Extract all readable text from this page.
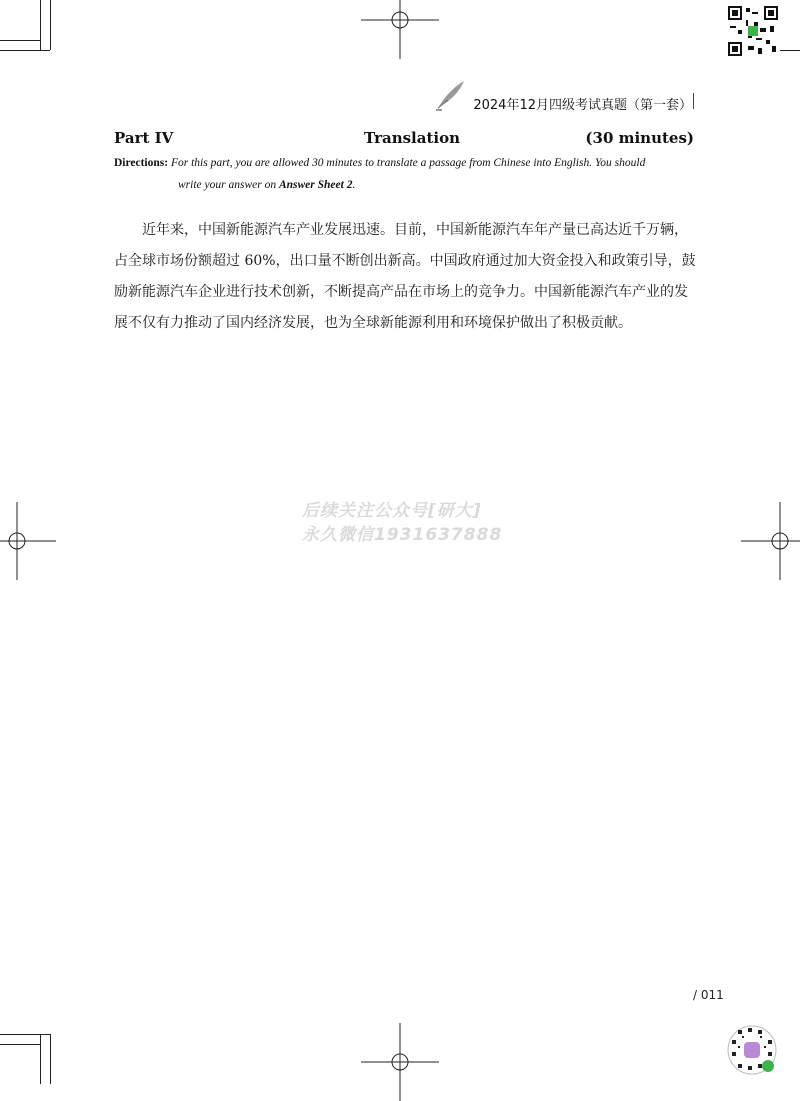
2024年12月四级考试真题（第一套）
Part IV	Translation	(30 minutes)
Directions: For this part, you are allowed 30 minutes to translate a passage from Chinese into English. You should
write your answer on Answer Sheet 2.
　　近年来，中国新能源汽车产业发展迅速。目前，中国新能源汽车年产量已高达近千万辆，
占全球市场份额超过 60%，出口量不断创出新高。中国政府通过加大资金投入和政策引导，鼓
励新能源汽车企业进行技术创新，不断提高产品在市场上的竞争力。中国新能源汽车产业的发
展不仅有力推动了国内经济发展，也为全球新能源利用和环境保护做出了积极贡献。
后续关注公众号[研大]
永久微信1931637888
/ 011
